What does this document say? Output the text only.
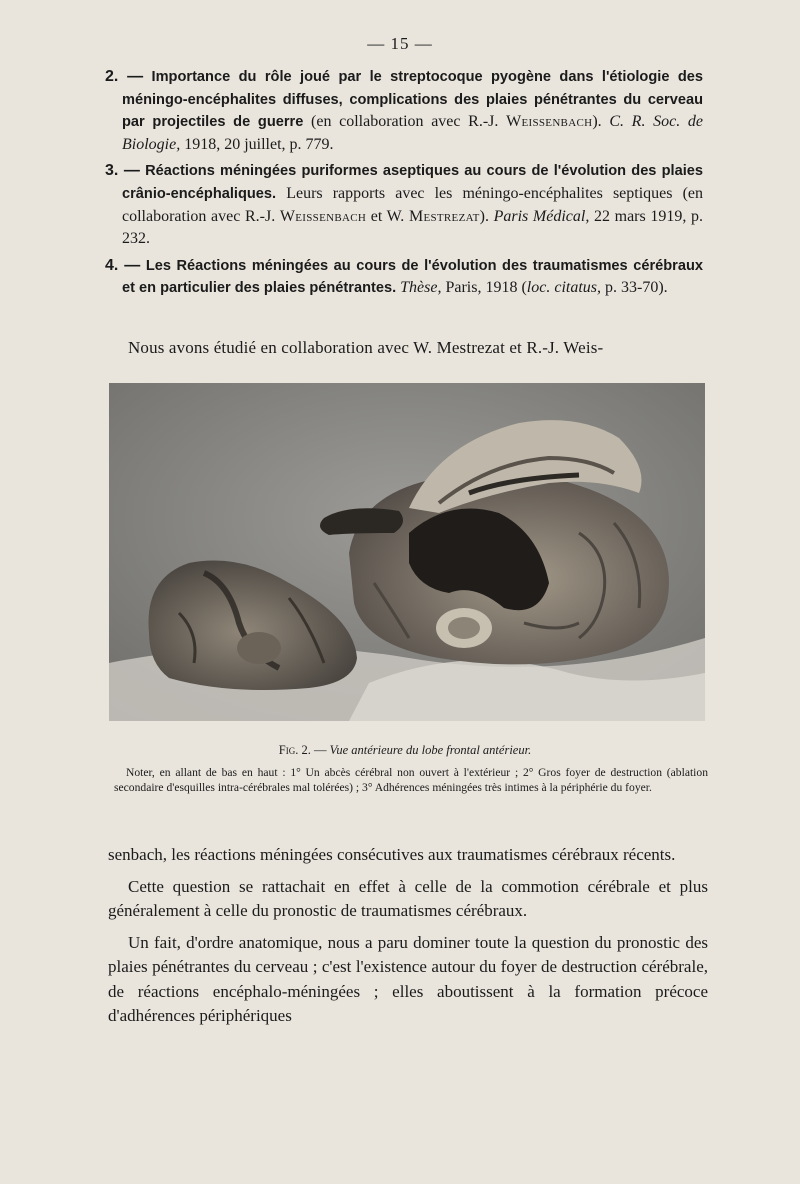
— 15 —
2. — Importance du rôle joué par le streptocoque pyogène dans l'étiologie des méningo-encéphalites diffuses, complications des plaies pénétrantes du cerveau par projectiles de guerre (en collaboration avec R.-J. Weissenbach). C. R. Soc. de Biologie, 1918, 20 juillet, p. 779.
3. — Réactions méningées puriformes aseptiques au cours de l'évolution des plaies crânio-encéphaliques. Leurs rapports avec les méningo-encéphalites septiques (en collaboration avec R.-J. Weissenbach et W. Mestrezat). Paris Médical, 22 mars 1919, p. 232.
4. — Les Réactions méningées au cours de l'évolution des traumatismes cérébraux et en particulier des plaies pénétrantes. Thèse, Paris, 1918 (loc. citatus, p. 33-70).
Nous avons étudié en collaboration avec W. Mestrezat et R.-J. Weis-
Fig. 2. — Vue antérieure du lobe frontal antérieur.
Noter, en allant de bas en haut : 1° Un abcès cérébral non ouvert à l'extérieur ; 2° Gros foyer de destruction (ablation secondaire d'esquilles intra-cérébrales mal tolérées) ; 3° Adhérences méningées très intimes à la périphérie du foyer.

senbach, les réactions méningées consécutives aux traumatismes cérébraux récents.

Cette question se rattachait en effet à celle de la commotion cérébrale et plus généralement à celle du pronostic de traumatismes cérébraux.

Un fait, d'ordre anatomique, nous a paru dominer toute la question du pronostic des plaies pénétrantes du cerveau ; c'est l'existence autour du foyer de destruction cérébrale, de réactions encéphalo-méningées ; elles aboutissent à la formation précoce d'adhérences périphériques
